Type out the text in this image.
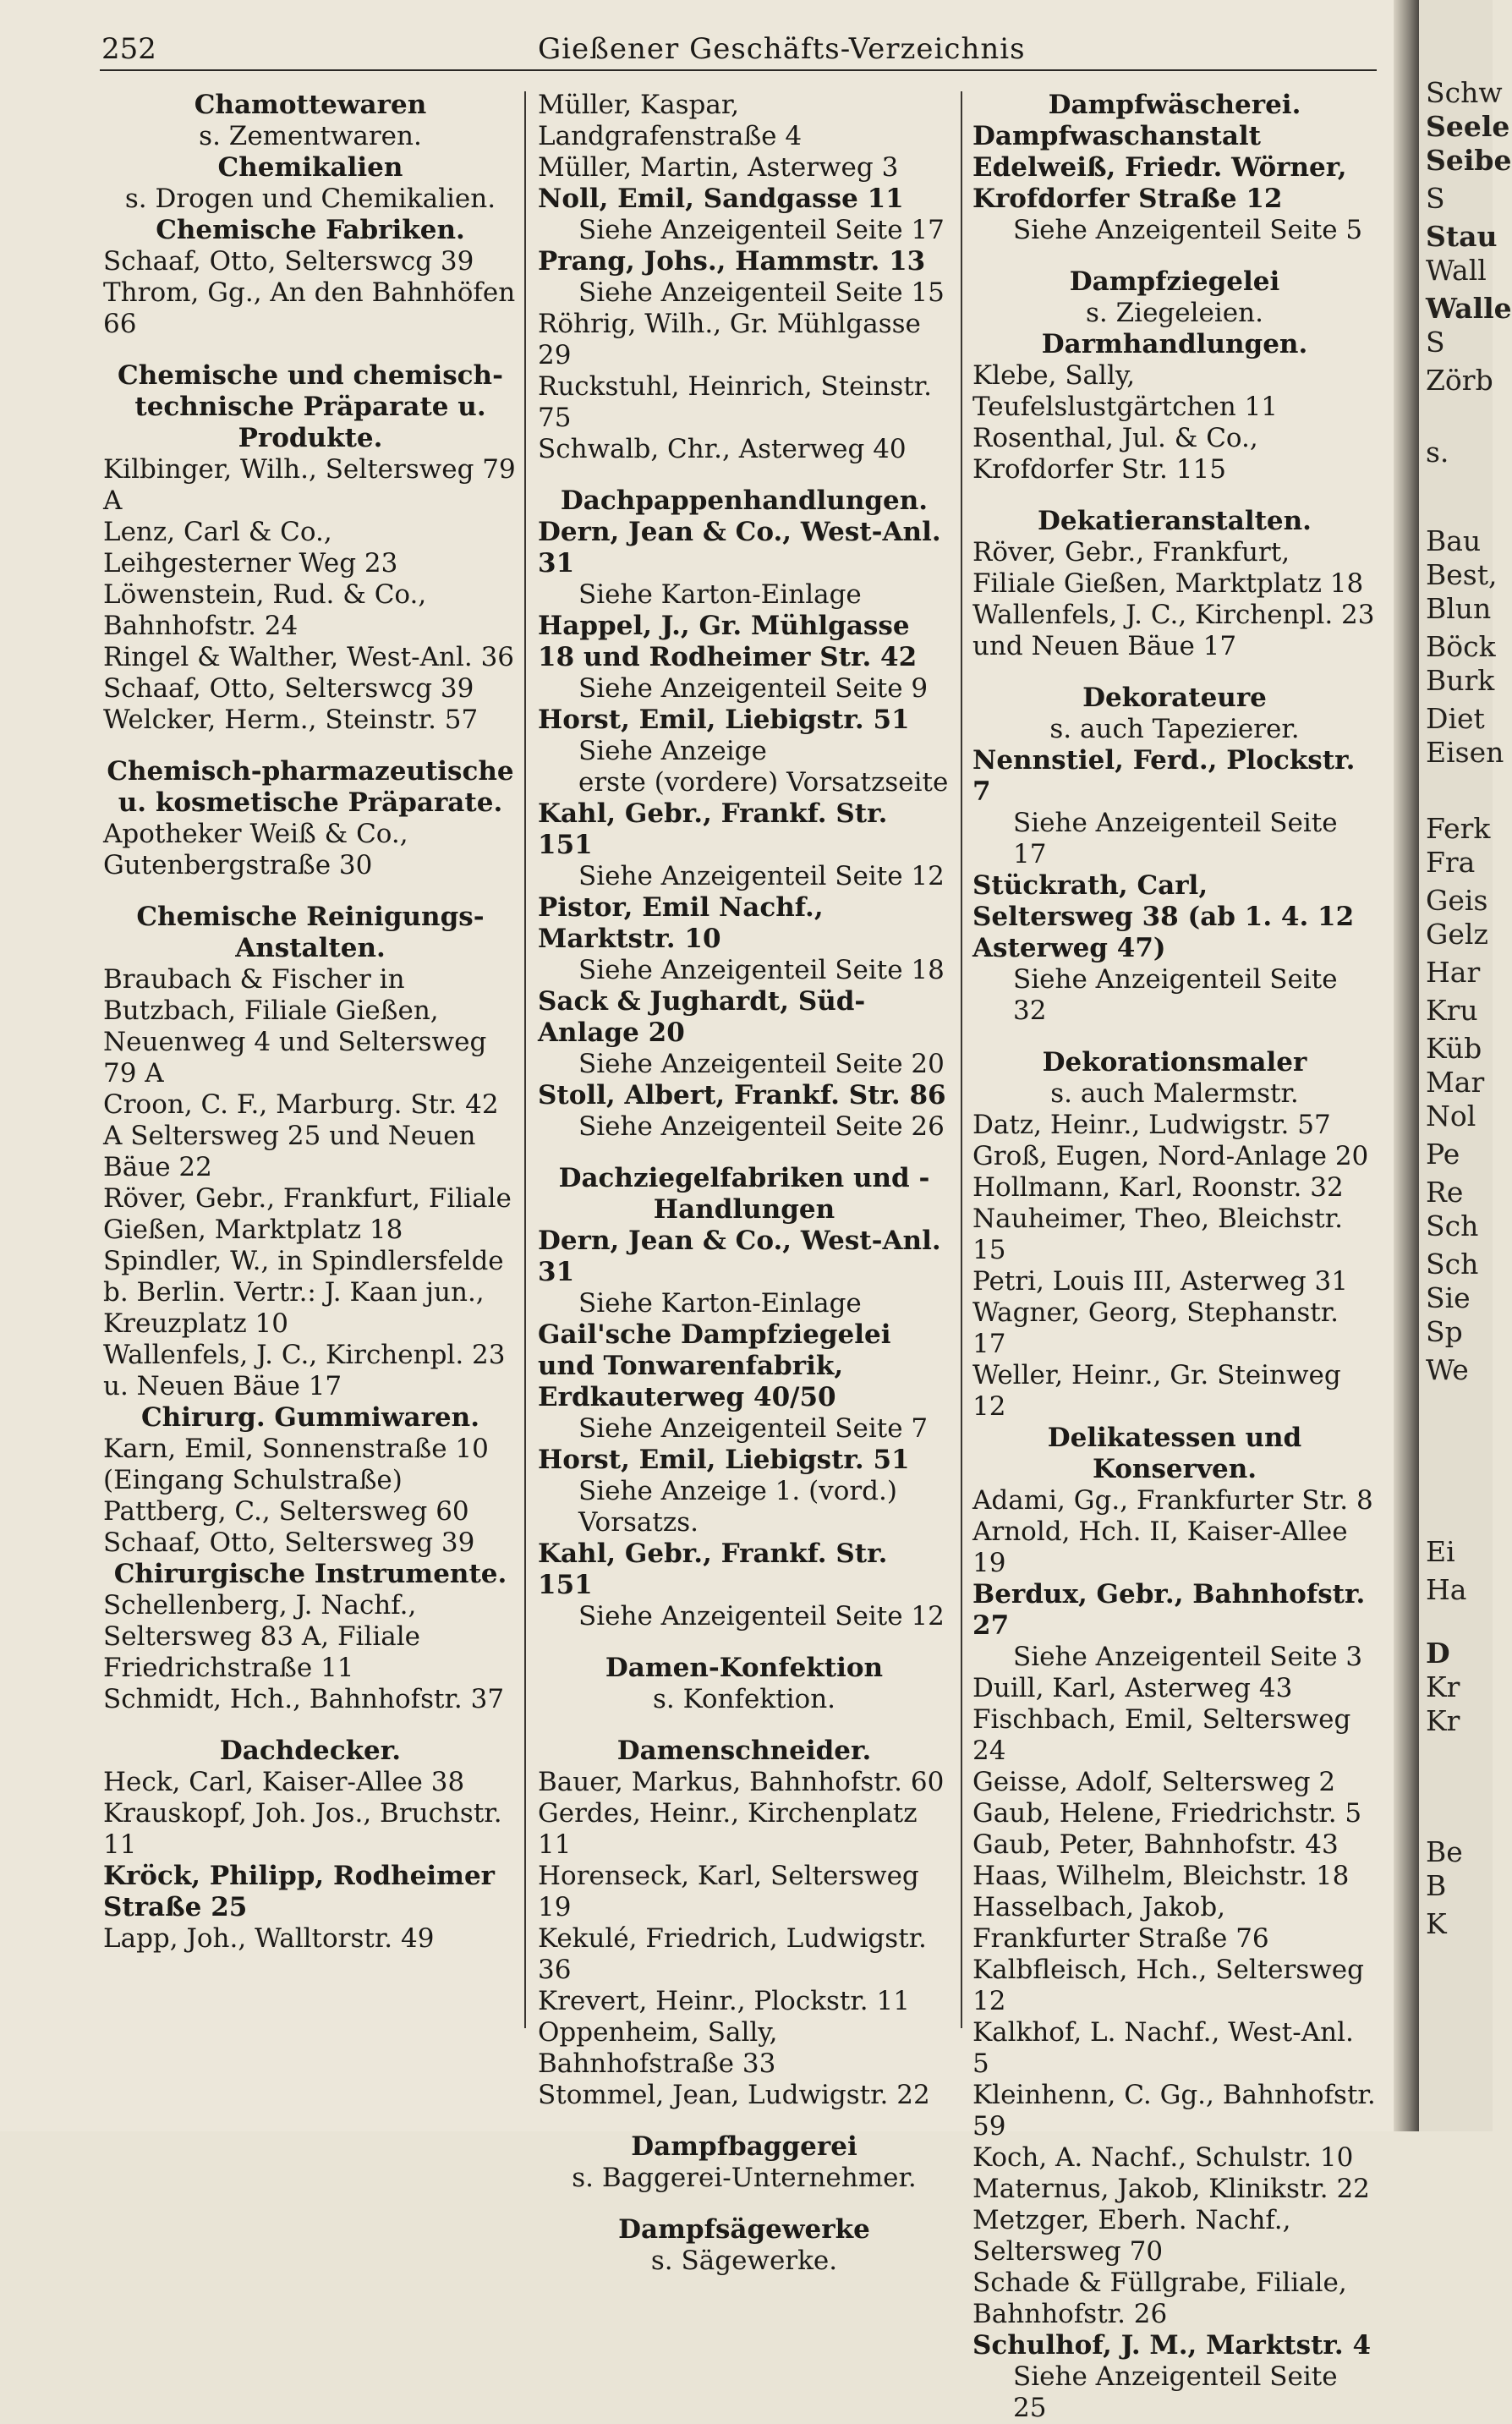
252	Gießener Geschäfts-Verzeichnis

Chamottewaren

s. Zementwaren.

Chemikalien

s. Drogen und Chemikalien.

Chemische Fabriken.

Schaaf, Otto, Selterswcg 39

Throm, Gg., An den Bahnhöfen 66

Chemische und chemisch-technische Präparate u. Produkte.

Kilbinger, Wilh., Seltersweg 79 A

Lenz, Carl & Co., Leihgesterner Weg 23

Löwenstein, Rud. & Co., Bahnhofstr. 24

Ringel & Walther, West-Anl. 36

Schaaf, Otto, Selterswcg 39

Welcker, Herm., Steinstr. 57

Chemisch-pharmazeutische u. kosmetische Präparate.

Apotheker Weiß & Co., Gutenbergstraße 30

Chemische Reinigungs-Anstalten.

Braubach & Fischer in Butzbach, Filiale Gießen, Neuenweg 4 und Seltersweg 79 A

Croon, C. F., Marburg. Str. 42 A Seltersweg 25 und Neuen Bäue 22

Röver, Gebr., Frankfurt, Filiale Gießen, Marktplatz 18

Spindler, W., in Spindlersfelde b. Berlin. Vertr.: J. Kaan jun., Kreuzplatz 10

Wallenfels, J. C., Kirchenpl. 23 u. Neuen Bäue 17

Chirurg. Gummiwaren.

Karn, Emil, Sonnenstraße 10 (Eingang Schulstraße)

Pattberg, C., Seltersweg 60

Schaaf, Otto, Seltersweg 39

Chirurgische Instrumente.

Schellenberg, J. Nachf., Seltersweg 83 A, Filiale Friedrichstraße 11

Schmidt, Hch., Bahnhofstr. 37

Dachdecker.

Heck, Carl, Kaiser-Allee 38

Krauskopf, Joh. Jos., Bruchstr. 11

Kröck, Philipp, Rodheimer Straße 25

Lapp, Joh., Walltorstr. 49

Müller, Kaspar, Landgrafenstraße 4

Müller, Martin, Asterweg 3

Noll, Emil, Sandgasse 11

Siehe Anzeigenteil Seite 17

Prang, Johs., Hammstr. 13

Siehe Anzeigenteil Seite 15

Röhrig, Wilh., Gr. Mühlgasse 29

Ruckstuhl, Heinrich, Steinstr. 75

Schwalb, Chr., Asterweg 40

Dachpappenhandlungen.

Dern, Jean & Co., West-Anl. 31

Siehe Karton-Einlage

Happel, J., Gr. Mühlgasse 18 und Rodheimer Str. 42

Siehe Anzeigenteil Seite 9

Horst, Emil, Liebigstr. 51

Siehe Anzeige

erste (vordere) Vorsatzseite

Kahl, Gebr., Frankf. Str. 151

Siehe Anzeigenteil Seite 12

Pistor, Emil Nachf., Marktstr. 10

Siehe Anzeigenteil Seite 18

Sack & Jughardt, Süd-Anlage 20

Siehe Anzeigenteil Seite 20

Stoll, Albert, Frankf. Str. 86

Siehe Anzeigenteil Seite 26

Dachziegelfabriken und -Handlungen

Dern, Jean & Co., West-Anl. 31

Siehe Karton-Einlage

Gail'sche Dampfziegelei und Tonwarenfabrik, Erdkauterweg 40/50

Siehe Anzeigenteil Seite 7

Horst, Emil, Liebigstr. 51

Siehe Anzeige 1. (vord.) Vorsatzs.

Kahl, Gebr., Frankf. Str. 151

Siehe Anzeigenteil Seite 12

Damen-Konfektion

s. Konfektion.

Damenschneider.

Bauer, Markus, Bahnhofstr. 60

Gerdes, Heinr., Kirchenplatz 11

Horenseck, Karl, Seltersweg 19

Kekulé, Friedrich, Ludwigstr. 36

Krevert, Heinr., Plockstr. 11

Oppenheim, Sally, Bahnhofstraße 33

Stommel, Jean, Ludwigstr. 22

Dampfbaggerei

s. Baggerei-Unternehmer.

Dampfsägewerke

s. Sägewerke.

Dampfwäscherei.

Dampfwaschanstalt Edelweiß, Friedr. Wörner, Krofdorfer Straße 12

Siehe Anzeigenteil Seite 5

Dampfziegelei

s. Ziegeleien.

Darmhandlungen.

Klebe, Sally, Teufelslustgärtchen 11

Rosenthal, Jul. & Co., Krofdorfer Str. 115

Dekatieranstalten.

Röver, Gebr., Frankfurt, Filiale Gießen, Marktplatz 18

Wallenfels, J. C., Kirchenpl. 23 und Neuen Bäue 17

Dekorateure

s. auch Tapezierer.

Nennstiel, Ferd., Plockstr. 7

Siehe Anzeigenteil Seite 17

Stückrath, Carl, Seltersweg 38 (ab 1. 4. 12 Asterweg 47)

Siehe Anzeigenteil Seite 32

Dekorationsmaler

s. auch Malermstr.

Datz, Heinr., Ludwigstr. 57

Groß, Eugen, Nord-Anlage 20

Hollmann, Karl, Roonstr. 32

Nauheimer, Theo, Bleichstr. 15

Petri, Louis III, Asterweg 31

Wagner, Georg, Stephanstr. 17

Weller, Heinr., Gr. Steinweg 12

Delikatessen und Konserven.

Adami, Gg., Frankfurter Str. 8

Arnold, Hch. II, Kaiser-Allee 19

Berdux, Gebr., Bahnhofstr. 27

Siehe Anzeigenteil Seite 3

Duill, Karl, Asterweg 43

Fischbach, Emil, Seltersweg 24

Geisse, Adolf, Seltersweg 2

Gaub, Helene, Friedrichstr. 5

Gaub, Peter, Bahnhofstr. 43

Haas, Wilhelm, Bleichstr. 18

Hasselbach, Jakob, Frankfurter Straße 76

Kalbfleisch, Hch., Seltersweg 12

Kalkhof, L. Nachf., West-Anl. 5

Kleinhenn, C. Gg., Bahnhofstr. 59

Koch, A. Nachf., Schulstr. 10

Maternus, Jakob, Klinikstr. 22

Metzger, Eberh. Nachf., Seltersweg 70

Schade & Füllgrabe, Filiale, Bahnhofstr. 26

Schulhof, J. M., Marktstr. 4

Siehe Anzeigenteil Seite 25

Schw
Seele
Seibe
S
Stau
Wall
Walle
S
Zörb
s.
Bau
Best,
Blun
Böck
Burk
Diet
Eisen
Ferk
Fra
Geis
Gelz
Har
Kru
Küb
Mar
Nol
Pe
Re
Sch
Sch
Sie
Sp
We
Ei
Ha
D
Kr
Kr
Be
B
K
